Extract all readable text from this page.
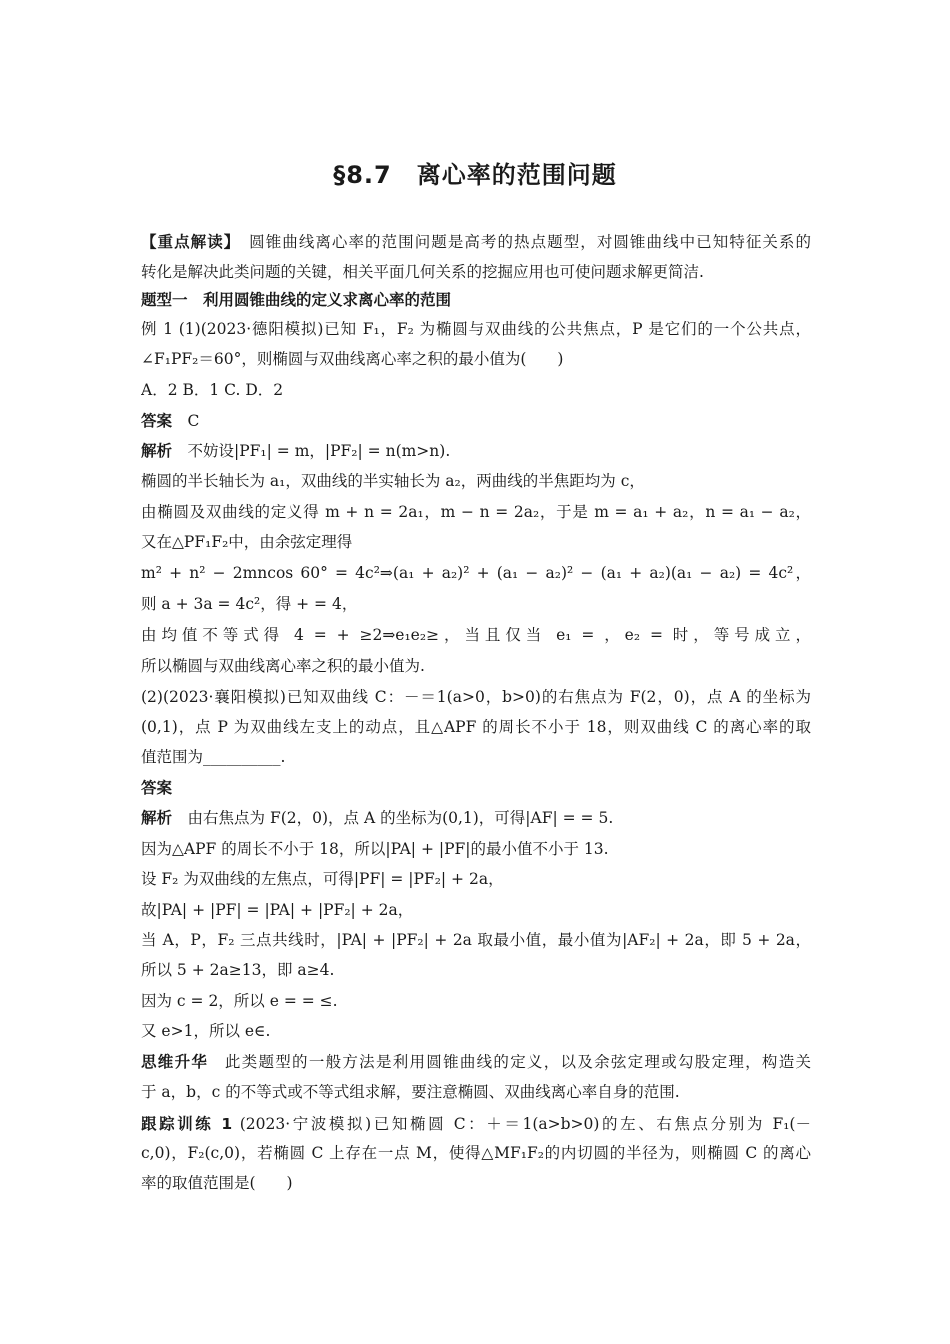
§8.7　离心率的范围问题
【重点解读】　圆锥曲线离心率的范围问题是高考的热点题型，对圆锥曲线中已知特征关系的
转化是解决此类问题的关键，相关平面几何关系的挖掘应用也可使问题求解更简洁.
题型一　利用圆锥曲线的定义求离心率的范围
例 1 (1)(2023·德阳模拟)已知 F₁，F₂ 为椭圆与双曲线的公共焦点，P 是它们的一个公共点，
∠F₁PF₂＝60°，则椭圆与双曲线离心率之积的最小值为(　　)
A．2 B．1 C. D．2
答案　C
解析　不妨设|PF₁| = m，|PF₂| = n(m>n).
椭圆的半长轴长为 a₁，双曲线的半实轴长为 a₂，两曲线的半焦距均为 c，
由椭圆及双曲线的定义得 m + n = 2a₁，m − n = 2a₂，于是 m = a₁ + a₂，n = a₁ − a₂，
又在△PF₁F₂中，由余弦定理得
m² + n² − 2mncos 60° = 4c²⇒(a₁ + a₂)² + (a₁ − a₂)² − (a₁ + a₂)(a₁ − a₂) = 4c²，
则 a + 3a = 4c²，得 + = 4，
由均值不等式得 4 = + ≥2⇒e₁e₂≥，当且仅当 e₁ = ，e₂ = 时，等号成立，
所以椭圆与双曲线离心率之积的最小值为.
(2)(2023·襄阳模拟)已知双曲线 C：－＝1(a>0，b>0)的右焦点为 F(2，0)，点 A 的坐标为
(0,1)，点 P 为双曲线左支上的动点，且△APF 的周长不小于 18，则双曲线 C 的离心率的取
值范围为__________.
答案
解析　由右焦点为 F(2，0)，点 A 的坐标为(0,1)，可得|AF| = = 5.
因为△APF 的周长不小于 18，所以|PA| + |PF|的最小值不小于 13.
设 F₂ 为双曲线的左焦点，可得|PF| = |PF₂| + 2a，
故|PA| + |PF| = |PA| + |PF₂| + 2a，
当 A，P，F₂ 三点共线时，|PA| + |PF₂| + 2a 取最小值，最小值为|AF₂| + 2a，即 5 + 2a，
所以 5 + 2a≥13，即 a≥4.
因为 c = 2，所以 e = = ≤.
又 e>1，所以 e∈.
思维升华　此类题型的一般方法是利用圆锥曲线的定义，以及余弦定理或勾股定理，构造关
于 a，b，c 的不等式或不等式组求解，要注意椭圆、双曲线离心率自身的范围.
跟踪训练 1 (2023·宁波模拟)已知椭圆 C：＋＝1(a>b>0)的左、右焦点分别为 F₁(－
c,0)，F₂(c,0)，若椭圆 C 上存在一点 M，使得△MF₁F₂的内切圆的半径为，则椭圆 C 的离心
率的取值范围是(　　)
